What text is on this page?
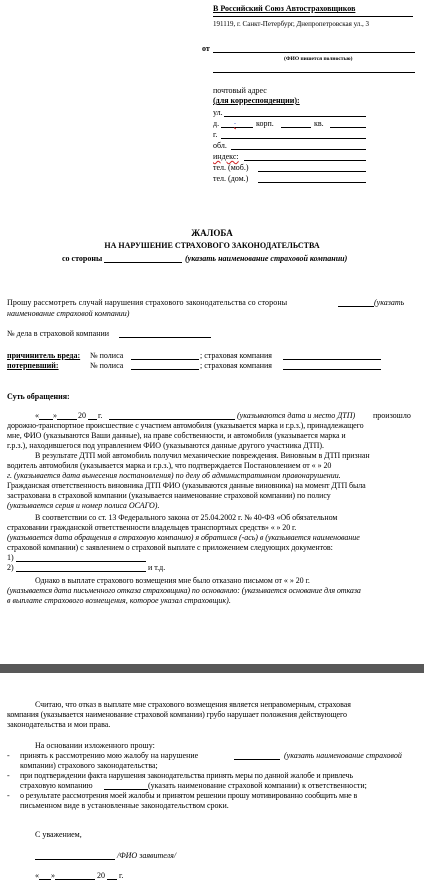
В Российский Союз Автостраховщиков
191119, г. Санкт-Петербург, Днепропетровская ул., 3
от
(ФИО пишется полностью)
почтовый адрес
(для корреспонденции):
ул.
д. .	корп.	кв.
г.
обл.
индекс:
тел. (моб.)
тел. (дом.)
ЖАЛОБА
НА НАРУШЕНИЕ СТРАХОВОГО ЗАКОНОДАТЕЛЬСТВА
со стороны	(указать наименование страховой компании)
Прошу рассмотреть случай нарушения страхового законодательства со стороны	(указать
наименование страховой компании)
№ дела в страховой компании
причинитель вреда: № полиса	; страховая компания
потерпевший:	№ полиса	; страховая компания
Суть обращения:
« »	20 г.	(указываются дата и место ДТП) произошло
дорожно-транспортное происшествие с участием автомобиля (указывается марка и г.р.з.), принадлежащего
мне, ФИО (указываются Ваши данные), на праве собственности, и автомобиля (указывается марка и
г.р.з.), находившегося под управлением ФИО (указываются данные другого участника ДТП).
В результате ДТП мой автомобиль получил механические повреждения. Виновным в ДТП признан
водитель автомобиля (указывается марка и г.р.з.), что подтверждается Постановлением от « » 20
г. (указывается дата вынесения постановления) по делу об административном правонарушении.
Гражданская ответственность виновника ДТП ФИО (указываются данные виновника) на момент ДТП была
застрахована в страховой компании (указывается наименование страховой компании) по полису
(указывается серия и номер полиса ОСАГО).
В соответствии со ст. 13 Федерального закона от 25.04.2002 г. № 40-ФЗ «Об обязательном
страховании гражданской ответственности владельцев транспортных средств» « » 20 г.
(указывается дата обращения в страховую компанию) я обратился (-ась) в (указывается наименование
страховой компании) с заявлением о страховой выплате с приложением следующих документов:
1)
2)	и т.д.
Однако в выплате страхового возмещения мне было отказано письмом от « » 20 г.
(указывается дата письменного отказа страховщика) по основанию: (указывается основание для отказа
в выплате страхового возмещения, которое указал страховщик).
Считаю, что отказ в выплате мне страхового возмещения является неправомерным, страховая
компания (указывается наименование страховой компании) грубо нарушает положения действующего
законодательства и мои права.
На основании изложенного прошу:
- принять к рассмотрению мою жалобу на нарушение	(указать наименование страховой
компании) страхового законодательства;
- при подтверждении факта нарушения законодательства принять меры по данной жалобе и привлечь
страховую компанию	(указать наименование страховой компании) к ответственности;
- о результате рассмотрения моей жалобы и принятом решении прошу мотивированно сообщить мне в
письменном виде в установленные законодательством сроки.
С уважением,
/ФИО заявителя/
« »	20 г.
